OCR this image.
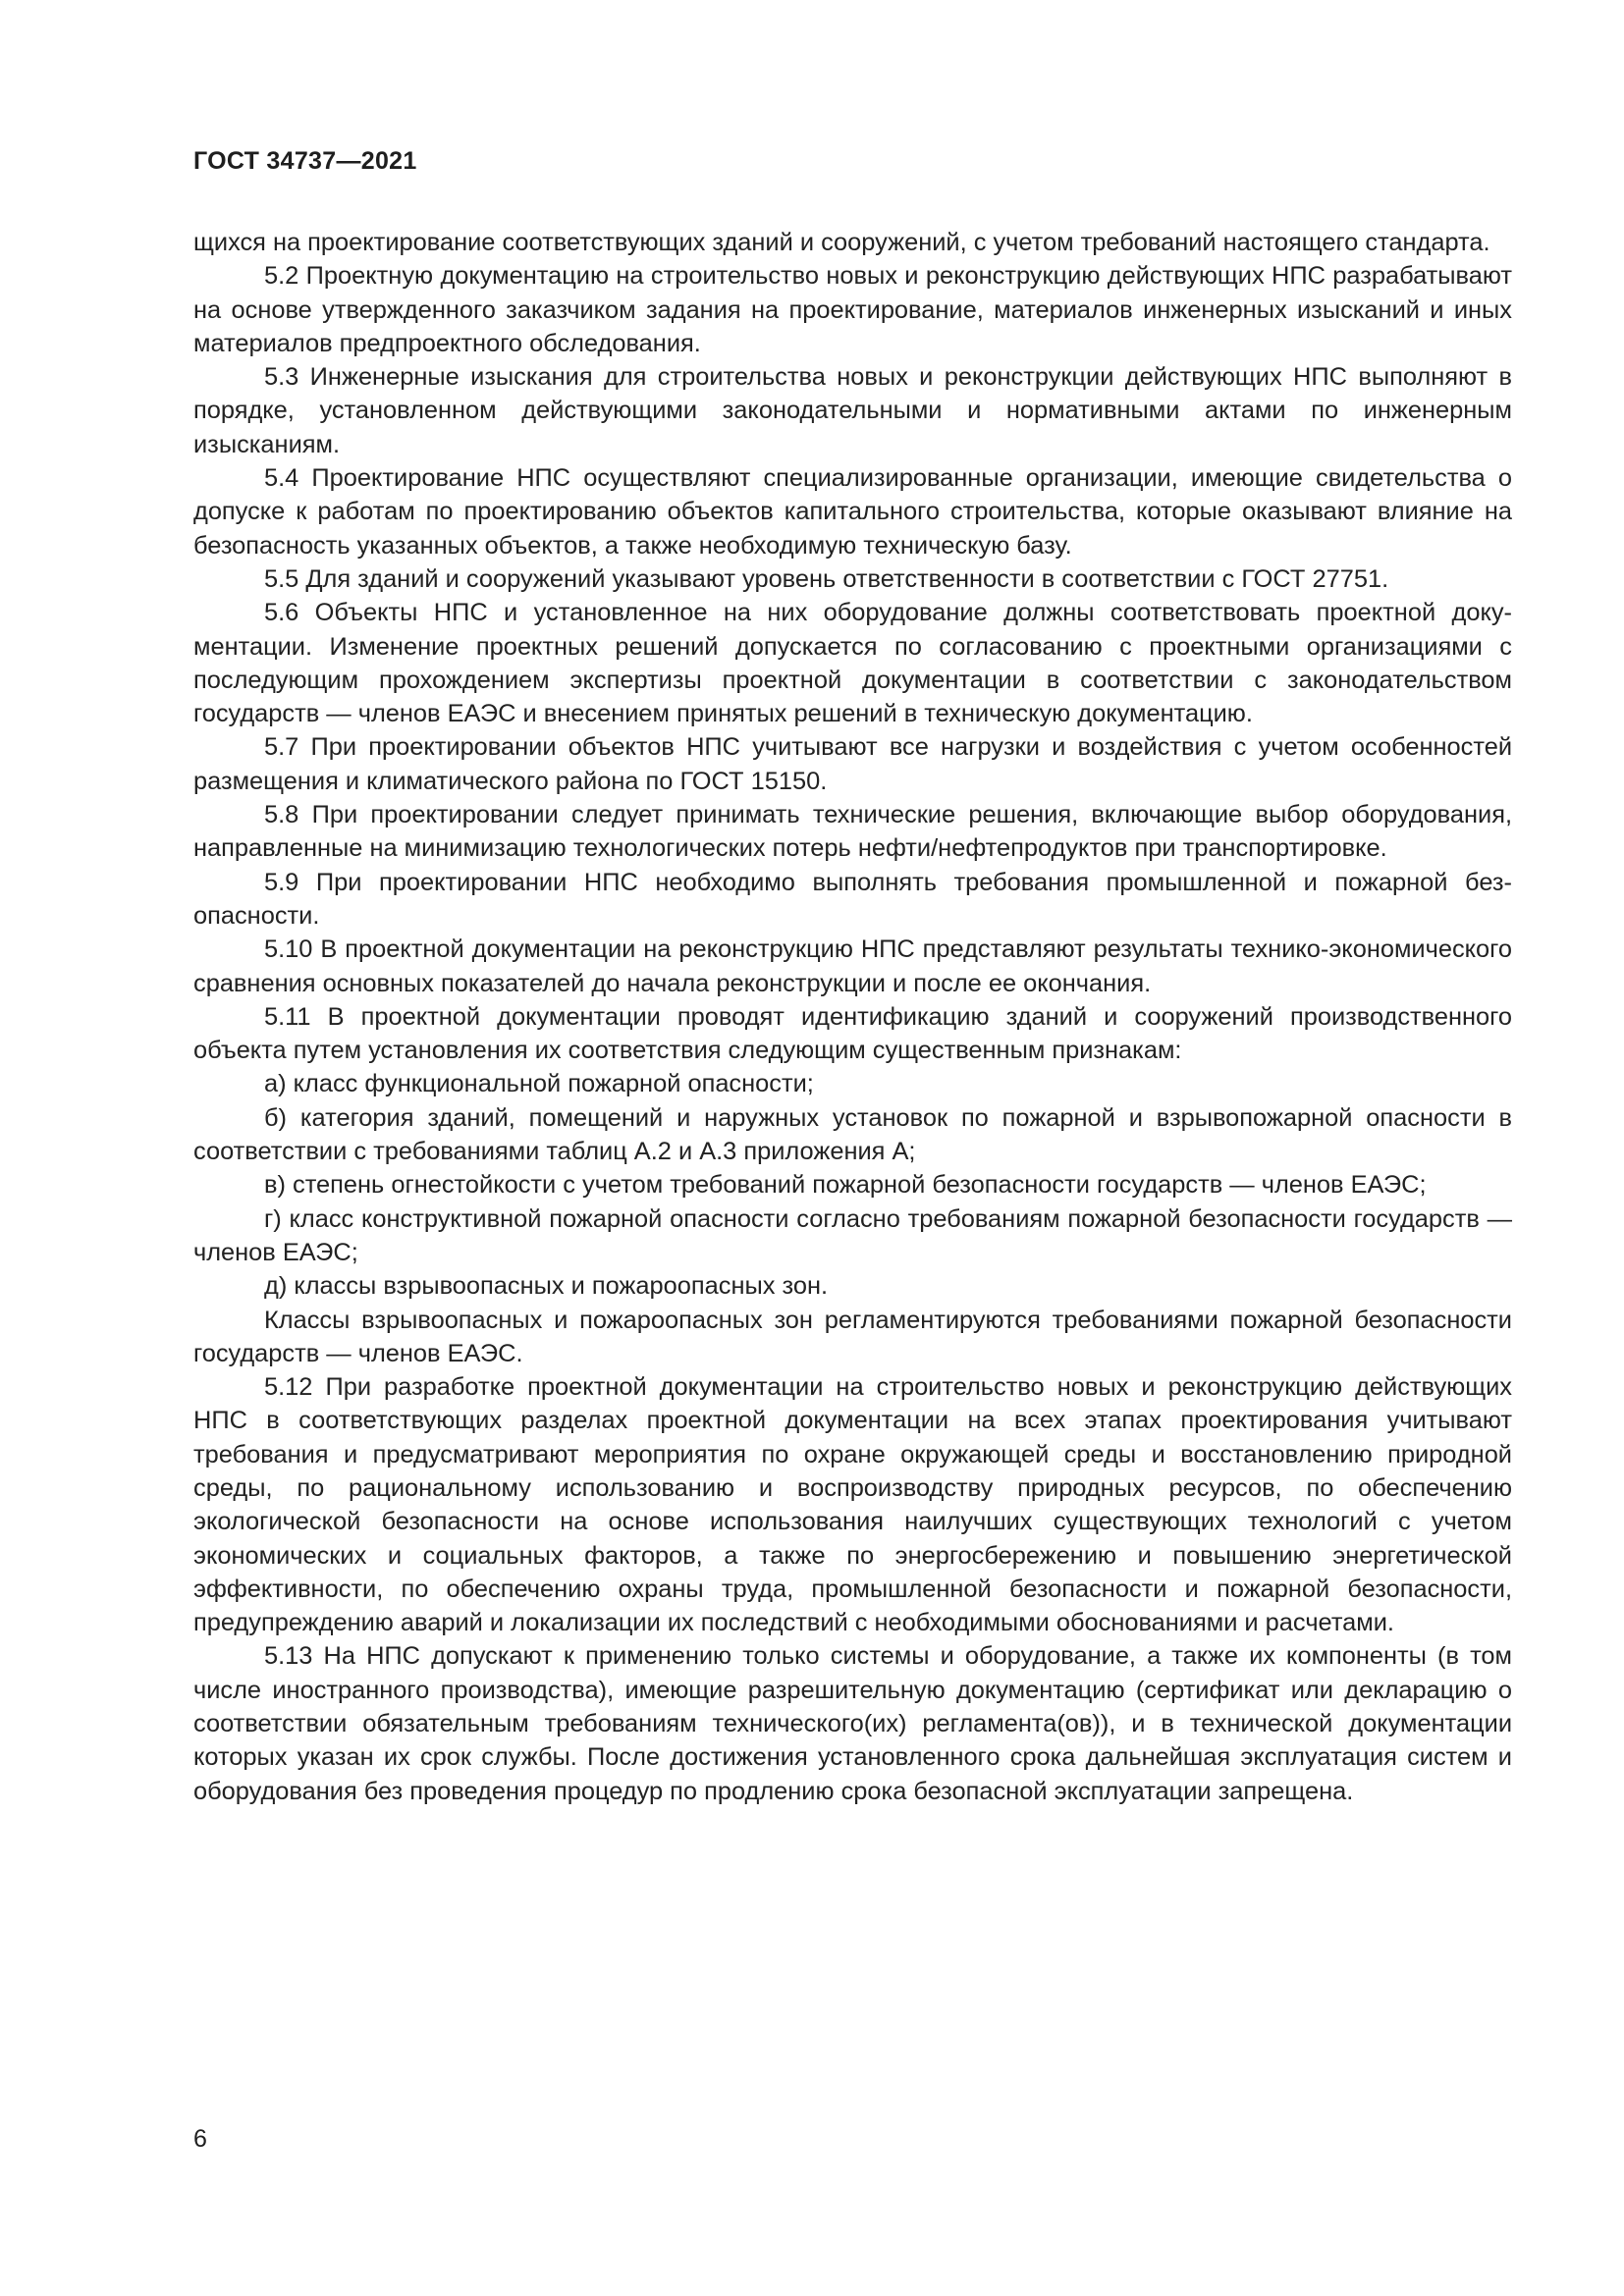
ГОСТ 34737—2021

щихся на проектирование соответствующих зданий и сооружений, с учетом требований настоящего стандарта.

5.2 Проектную документацию на строительство новых и реконструкцию действующих НПС разрабатывают на основе утвержденного заказчиком задания на проектирование, материалов инженерных изысканий и иных материалов предпроектного обследования.

5.3 Инженерные изыскания для строительства новых и реконструкции действующих НПС выполняют в порядке, установленном действующими законодательными и нормативными актами по инженерным изысканиям.

5.4 Проектирование НПС осуществляют специализированные организации, имеющие свидетельства о допуске к работам по проектированию объектов капитального строительства, которые оказывают влияние на безопасность указанных объектов, а также необходимую техническую базу.

5.5 Для зданий и сооружений указывают уровень ответственности в соответствии с ГОСТ 27751.

5.6 Объекты НПС и установленное на них оборудование должны соответствовать проектной документации. Изменение проектных решений допускается по согласованию с проектными организациями с последующим прохождением экспертизы проектной документации в соответствии с законодательством государств — членов ЕАЭС и внесением принятых решений в техническую документацию.

5.7 При проектировании объектов НПС учитывают все нагрузки и воздействия с учетом особенностей размещения и климатического района по ГОСТ 15150.

5.8 При проектировании следует принимать технические решения, включающие выбор оборудования, направленные на минимизацию технологических потерь нефти/нефтепродуктов при транспортировке.

5.9 При проектировании НПС необходимо выполнять требования промышленной и пожарной безопасности.

5.10 В проектной документации на реконструкцию НПС представляют результаты технико-экономического сравнения основных показателей до начала реконструкции и после ее окончания.

5.11 В проектной документации проводят идентификацию зданий и сооружений производственного объекта путем установления их соответствия следующим существенным признакам:

а) класс функциональной пожарной опасности;

б) категория зданий, помещений и наружных установок по пожарной и взрывопожарной опасности в соответствии с требованиями таблиц А.2 и А.3 приложения А;

в) степень огнестойкости с учетом требований пожарной безопасности государств — членов ЕАЭС;

г) класс конструктивной пожарной опасности согласно требованиям пожарной безопасности государств — членов ЕАЭС;

д) классы взрывоопасных и пожароопасных зон.

Классы взрывоопасных и пожароопасных зон регламентируются требованиями пожарной безопасности государств — членов ЕАЭС.

5.12 При разработке проектной документации на строительство новых и реконструкцию действующих НПС в соответствующих разделах проектной документации на всех этапах проектирования учитывают требования и предусматривают мероприятия по охране окружающей среды и восстановлению природной среды, по рациональному использованию и воспроизводству природных ресурсов, по обеспечению экологической безопасности на основе использования наилучших существующих технологий с учетом экономических и социальных факторов, а также по энергосбережению и повышению энергетической эффективности, по обеспечению охраны труда, промышленной безопасности и пожарной безопасности, предупреждению аварий и локализации их последствий с необходимыми обоснованиями и расчетами.

5.13 На НПС допускают к применению только системы и оборудование, а также их компоненты (в том числе иностранного производства), имеющие разрешительную документацию (сертификат или декларацию о соответствии обязательным требованиям технического(их) регламента(ов)), и в технической документации которых указан их срок службы. После достижения установленного срока дальнейшая эксплуатация систем и оборудования без проведения процедур по продлению срока безопасной эксплуатации запрещена.

6
